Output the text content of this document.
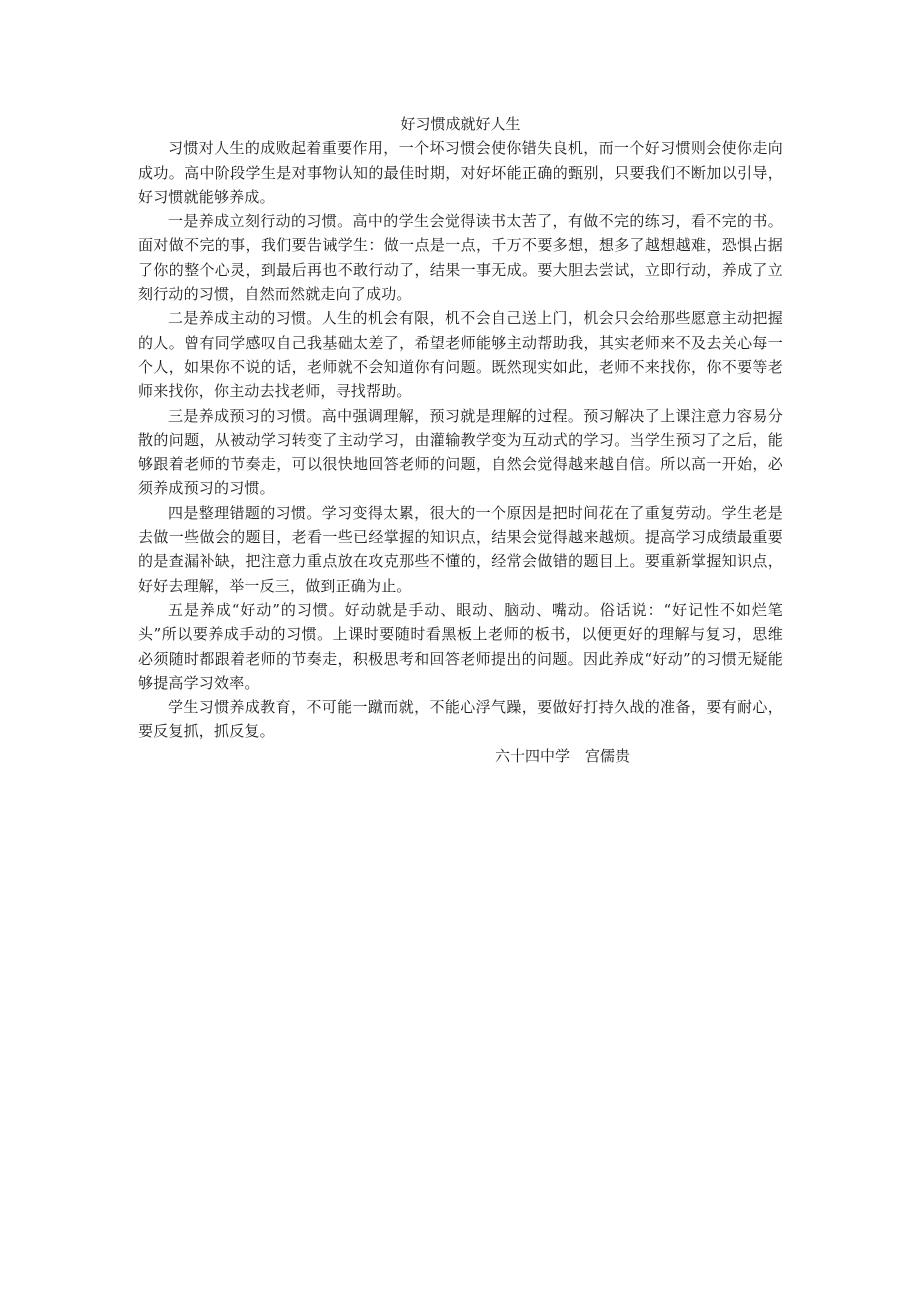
好习惯成就好人生

习惯对人生的成败起着重要作用，一个坏习惯会使你错失良机，而一个好习惯则会使你走向成功。高中阶段学生是对事物认知的最佳时期，对好坏能正确的甄别，只要我们不断加以引导，好习惯就能够养成。

一是养成立刻行动的习惯。高中的学生会觉得读书太苦了，有做不完的练习，看不完的书。面对做不完的事，我们要告诫学生：做一点是一点，千万不要多想，想多了越想越难，恐惧占据了你的整个心灵，到最后再也不敢行动了，结果一事无成。要大胆去尝试，立即行动，养成了立刻行动的习惯，自然而然就走向了成功。

二是养成主动的习惯。人生的机会有限，机不会自己送上门，机会只会给那些愿意主动把握的人。曾有同学感叹自己我基础太差了，希望老师能够主动帮助我，其实老师来不及去关心每一个人，如果你不说的话，老师就不会知道你有问题。既然现实如此，老师不来找你，你不要等老师来找你，你主动去找老师，寻找帮助。

三是养成预习的习惯。高中强调理解，预习就是理解的过程。预习解决了上课注意力容易分散的问题，从被动学习转变了主动学习，由灌输教学变为互动式的学习。当学生预习了之后，能够跟着老师的节奏走，可以很快地回答老师的问题，自然会觉得越来越自信。所以高一开始，必须养成预习的习惯。

四是整理错题的习惯。学习变得太累，很大的一个原因是把时间花在了重复劳动。学生老是去做一些做会的题目，老看一些已经掌握的知识点，结果会觉得越来越烦。提高学习成绩最重要的是查漏补缺，把注意力重点放在攻克那些不懂的，经常会做错的题目上。要重新掌握知识点，好好去理解，举一反三，做到正确为止。

五是养成“好动”的习惯。好动就是手动、眼动、脑动、嘴动。俗话说：“好记性不如烂笔头”所以要养成手动的习惯。上课时要随时看黑板上老师的板书，以便更好的理解与复习，思维必须随时都跟着老师的节奏走，积极思考和回答老师提出的问题。因此养成“好动”的习惯无疑能够提高学习效率。

学生习惯养成教育，不可能一蹴而就，不能心浮气躁，要做好打持久战的准备，要有耐心，要反复抓，抓反复。

六十四中学　宫儒贵
